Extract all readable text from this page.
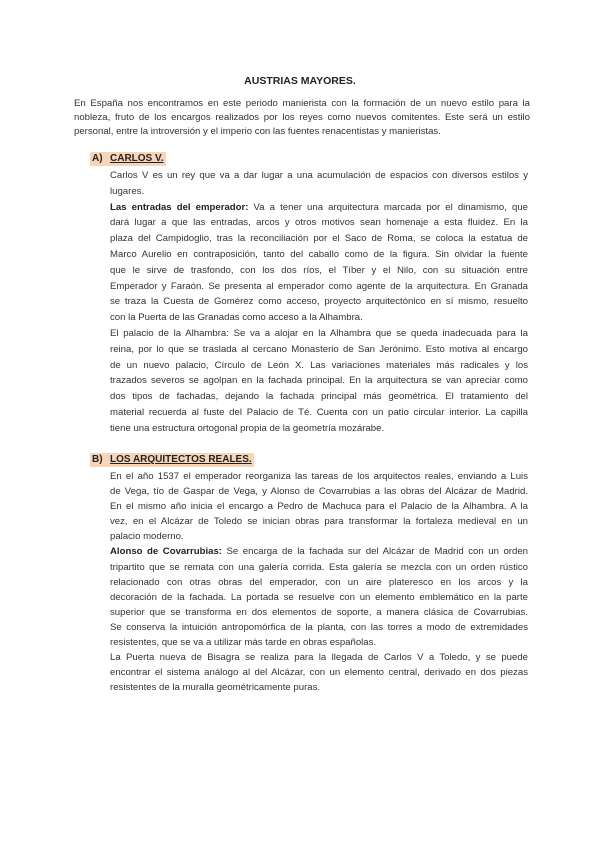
AUSTRIAS MAYORES.
En España nos encontramos en este periodo manierista con la formación de un nuevo estilo para la
nobleza, fruto de los encargos realizados por los reyes como nuevos comitentes. Este será un estilo
personal, entre la introversión y el imperio con las fuentes renacentistas y manieristas.
A) CARLOS V.
Carlos V es un rey que va a dar lugar a una acumulación de espacios con diversos estilos y
lugares.
Las entradas del emperador: Va a tener una arquitectura marcada por el dinamismo, que
dará lugar a que las entradas, arcos y otros motivos sean homenaje a esta fluidez. En la
plaza del Campidoglio, tras la reconciliación por el Saco de Roma, se coloca la estatua de
Marco Aurelio en contraposición, tanto del caballo como de la figura. Sin olvidar la fuente
que le sirve de trasfondo, con los dos ríos, el Tíber y el Nilo, con su situación entre
Emperador y Faraón. Se presenta al emperador como agente de la arquitectura. En Granada
se traza la Cuesta de Gomérez como acceso, proyecto arquitectónico en sí mismo, resuelto
con la Puerta de las Granadas como acceso a la Alhambra.
El palacio de la Alhambra: Se va a alojar en la Alhambra que se queda inadecuada para la
reina, por lo que se traslada al cercano Monasterio de San Jerónimo. Esto motiva al encargo
de un nuevo palacio, Círculo de León X. Las variaciones materiales más radicales y los
trazados severos se agolpan en la fachada principal. En la arquitectura se van apreciar como
dos tipos de fachadas, dejando la fachada principal más geométrica. El tratamiento del
material recuerda al fuste del Palacio de Té. Cuenta con un patio circular interior. La capilla
tiene una estructura ortogonal propia de la geometría mozárabe.
B) LOS ARQUITECTOS REALES.
En el año 1537 el emperador reorganiza las tareas de los arquitectos reales, enviando a Luis
de Vega, tío de Gaspar de Vega, y Alonso de Covarrubias a las obras del Alcázar de Madrid.
En el mismo año inicia el encargo a Pedro de Machuca para el Palacio de la Alhambra. A la
vez, en el Alcázar de Toledo se inician obras para transformar la fortaleza medieval en un
palacio moderno.
Alonso de Covarrubias: Se encarga de la fachada sur del Alcázar de Madrid con un orden
tripartito que se remata con una galería corrida. Esta galería se mezcla con un orden rústico
relacionado con otras obras del emperador, con un aire plateresco en los arcos y la
decoración de la fachada. La portada se resuelve con un elemento emblemático en la parte
superior que se transforma en dos elementos de soporte, a manera clásica de Covarrubias.
Se conserva la intuición antropomórfica de la planta, con las torres a modo de extremidades
resistentes, que se va a utilizar más tarde en obras españolas.
La Puerta nueva de Bisagra se realiza para la llegada de Carlos V a Toledo, y se puede
encontrar el sistema análogo al del Alcázar, con un elemento central, derivado en dos piezas
resistentes de la muralla geométricamente puras.
